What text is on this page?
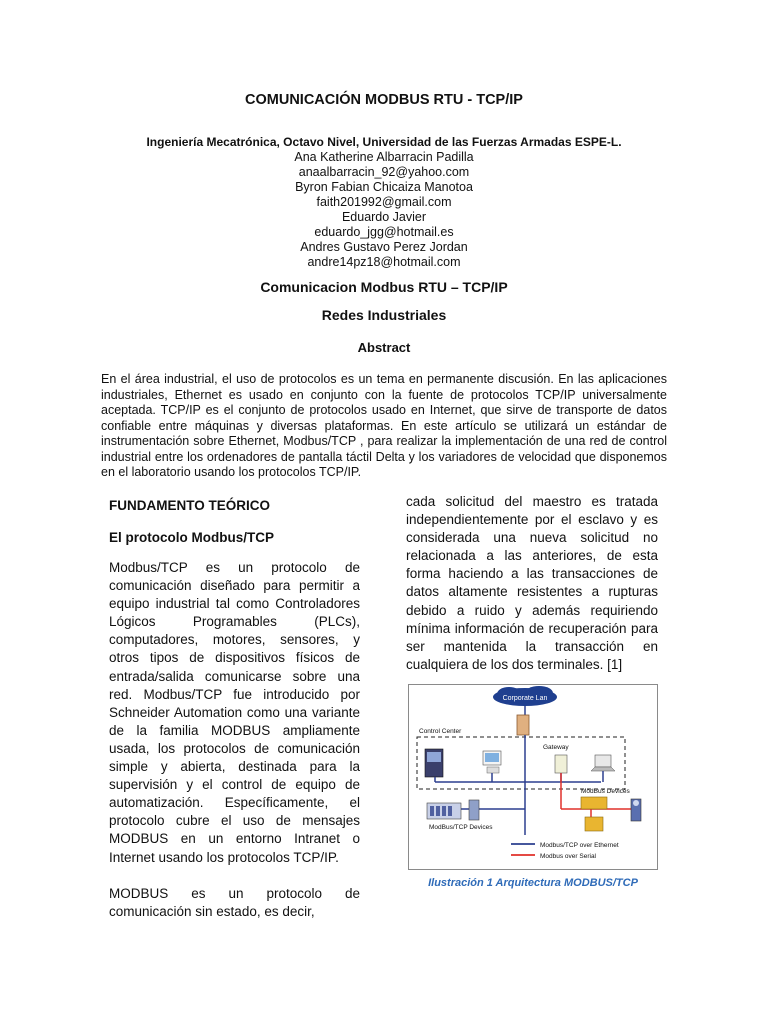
COMUNICACIÓN MODBUS RTU - TCP/IP
Ingeniería Mecatrónica, Octavo Nivel, Universidad de las Fuerzas Armadas ESPE-L.
Ana Katherine Albarracin Padilla
anaalbarracin_92@yahoo.com
Byron Fabian Chicaiza Manotoa
faith201992@gmail.com
Eduardo Javier
eduardo_jgg@hotmail.es
Andres Gustavo Perez Jordan
andre14pz18@hotmail.com
Comunicacion Modbus RTU – TCP/IP
Redes Industriales
Abstract

En el área industrial, el uso de protocolos es un tema en permanente discusión. En las aplicaciones industriales, Ethernet es usado en conjunto con la fuente de protocolos TCP/IP universalmente aceptada. TCP/IP es el conjunto de protocolos usado en Internet, que sirve de transporte de datos confiable entre máquinas y diversas plataformas. En este artículo se utilizará un estándar de instrumentación sobre Ethernet, Modbus/TCP , para realizar la implementación de una red de control industrial entre los ordenadores de pantalla táctil Delta y los variadores de velocidad que disponemos en el laboratorio usando los protocolos TCP/IP.

FUNDAMENTO TEÓRICO

El protocolo Modbus/TCP

Modbus/TCP es un protocolo de comunicación diseñado para permitir a equipo industrial tal como Controladores Lógicos Programables (PLCs), computadores, motores, sensores, y otros tipos de dispositivos físicos de entrada/salida comunicarse sobre una red. Modbus/TCP fue introducido por Schneider Automation como una variante de la familia MODBUS ampliamente usada, los protocolos de comunicación simple y abierta, destinada para la supervisión y el control de equipo de automatización. Específicamente, el protocolo cubre el uso de mensajes MODBUS en un entorno Intranet o Internet usando los protocolos TCP/IP.

MODBUS es un protocolo de comunicación sin estado, es decir,

cada solicitud del maestro es tratada independientemente por el esclavo y es considerada una nueva solicitud no relacionada a las anteriores, de esta forma haciendo a las transacciones de datos altamente resistentes a rupturas debido a ruido y además requiriendo mínima información de recuperación para ser mantenida la transacción en cualquiera de los dos terminales. [1]

Corporate Lan
Control Center
Gateway
ModBus/TCP Devices
ModBus Devices
Modbus/TCP over Ethernet
Modbus over Serial
Ilustración 1 Arquitectura MODBUS/TCP
